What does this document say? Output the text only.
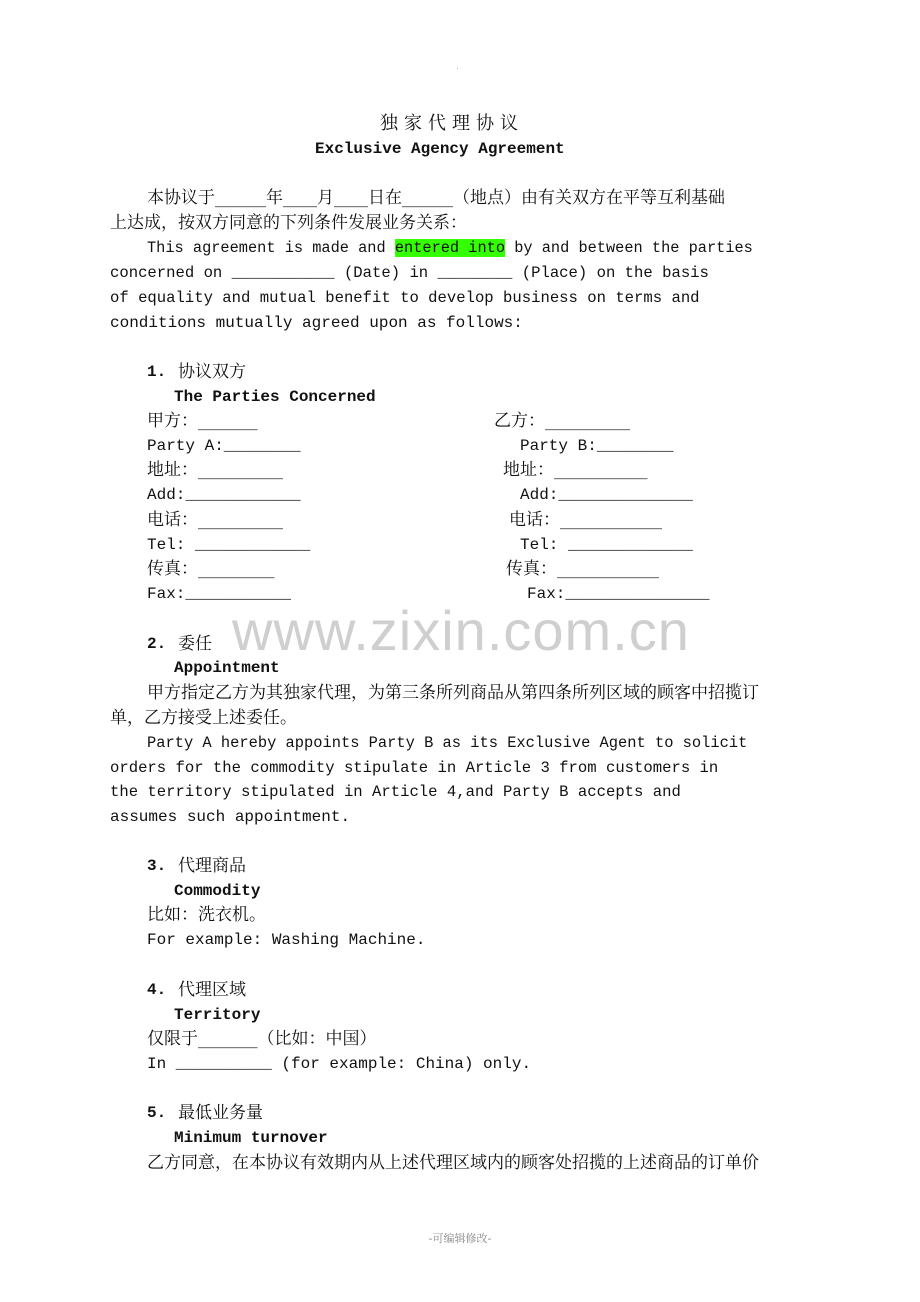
.
独家代理协议
Exclusive Agency Agreement
本协议于______年____月____日在______（地点）由有关双方在平等互利基础
上达成，按双方同意的下列条件发展业务关系：
This agreement is made and entered into by and between the parties
concerned on ___________ (Date) in ________ (Place) on the basis
of equality and mutual benefit to develop business on terms and
conditions mutually agreed upon as follows:
1. 协议双方
The Parties Concerned
甲方：_______
Party A:________
地址：__________
Add:____________
电话：__________
Tel: ____________
传真：_________
Fax:___________
乙方：__________
Party B:________
地址：___________
Add:______________
电话：____________
Tel: _____________
传真：____________
Fax:_______________
www.zixin.com.cn
2. 委任
Appointment
甲方指定乙方为其独家代理，为第三条所列商品从第四条所列区域的顾客中招揽订
单，乙方接受上述委任。
Party A hereby appoints Party B as its Exclusive Agent to solicit
orders for the commodity stipulate in Article 3 from customers in
the territory stipulated in Article 4,and Party B accepts and
assumes such appointment.
3. 代理商品
Commodity
比如：洗衣机。
For example: Washing Machine.
4. 代理区域
Territory
仅限于_______（比如：中国）
In __________ (for example: China) only.
5. 最低业务量
Minimum turnover
乙方同意，在本协议有效期内从上述代理区域内的顾客处招揽的上述商品的订单价
-可编辑修改-
